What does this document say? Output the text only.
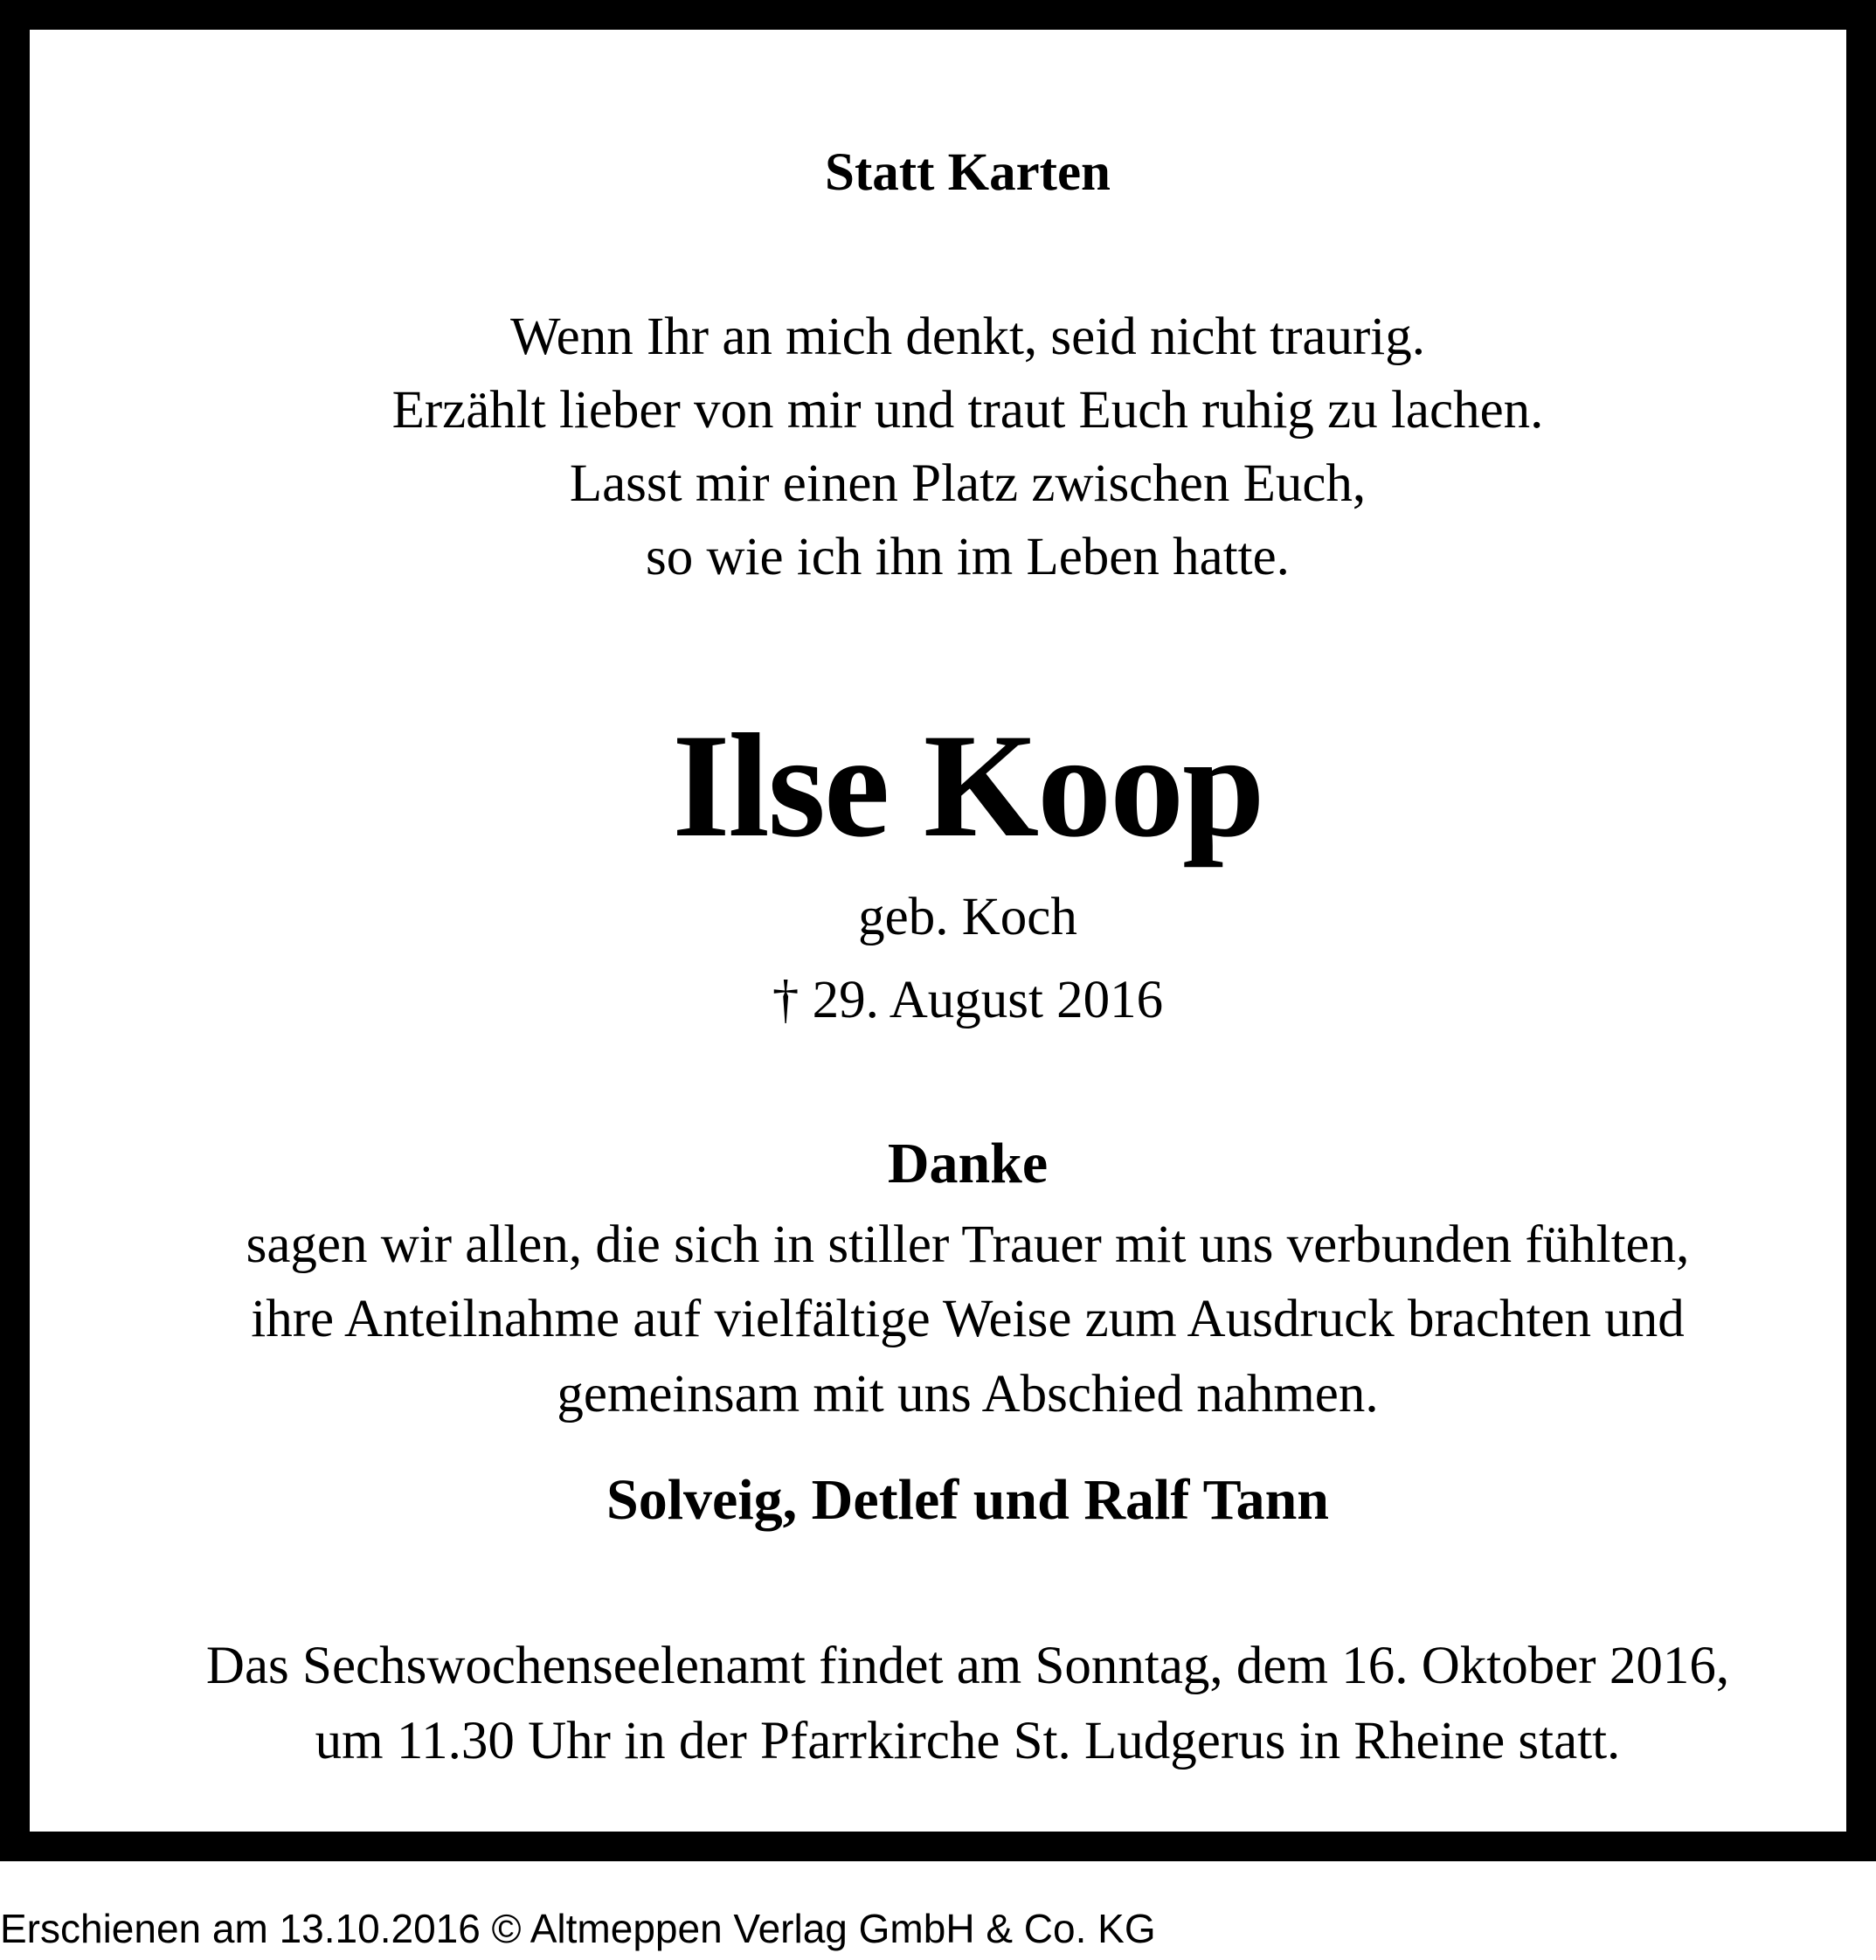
Statt Karten
Wenn Ihr an mich denkt, seid nicht traurig.
Erzählt lieber von mir und traut Euch ruhig zu lachen.
Lasst mir einen Platz zwischen Euch,
so wie ich ihn im Leben hatte.
Ilse Koop
geb. Koch
† 29. August 2016
Danke
sagen wir allen, die sich in stiller Trauer mit uns verbunden fühlten,
ihre Anteilnahme auf vielfältige Weise zum Ausdruck brachten und
gemeinsam mit uns Abschied nahmen.
Solveig, Detlef und Ralf Tann
Das Sechswochenseelenamt findet am Sonntag, dem 16. Oktober 2016,
um 11.30 Uhr in der Pfarrkirche St. Ludgerus in Rheine statt.
Erschienen am 13.10.2016 © Altmeppen Verlag GmbH & Co. KG
